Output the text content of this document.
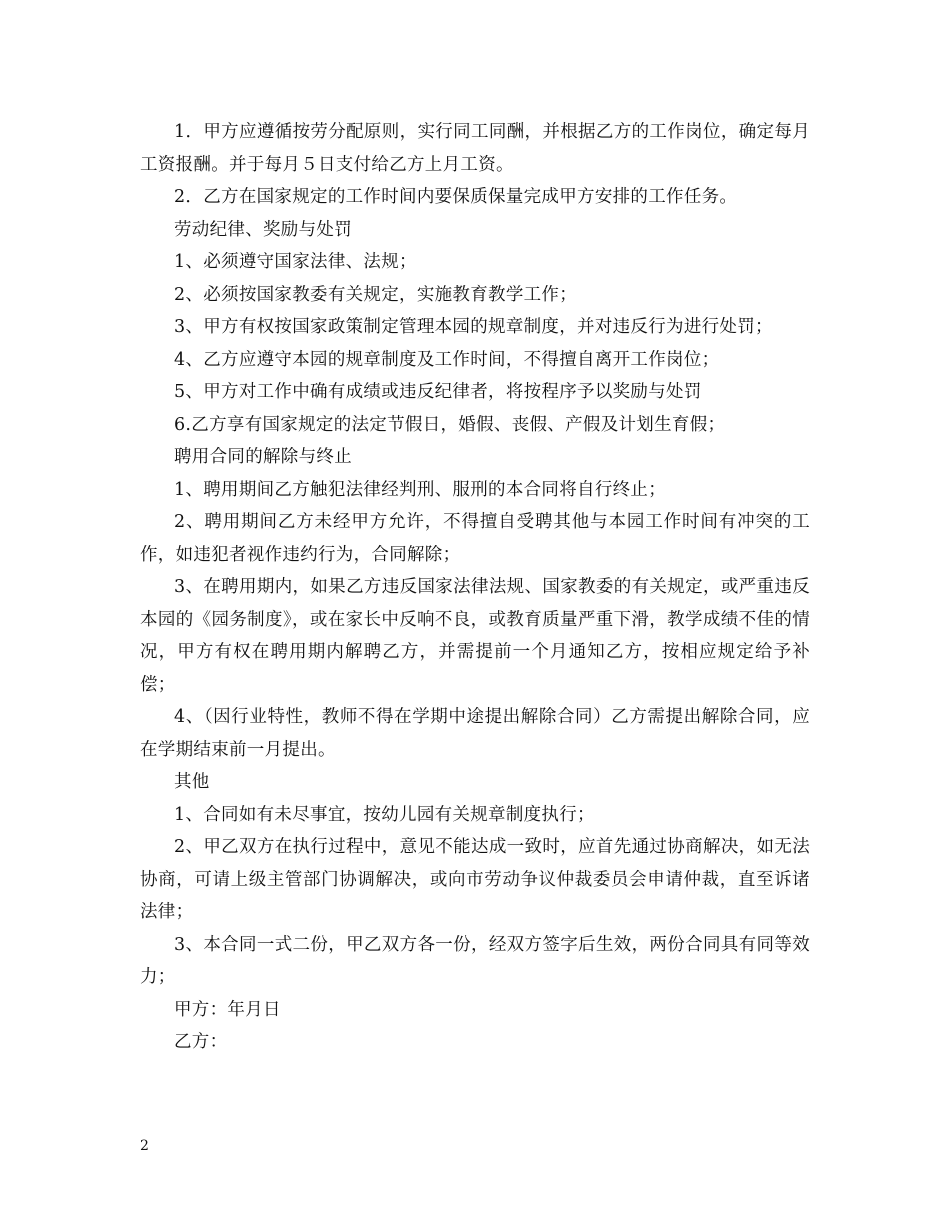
1．甲方应遵循按劳分配原则，实行同工同酬，并根据乙方的工作岗位，确定每月工资报酬。并于每月５日支付给乙方上月工资。

2．乙方在国家规定的工作时间内要保质保量完成甲方安排的工作任务。

劳动纪律、奖励与处罚

1、必须遵守国家法律、法规；

2、必须按国家教委有关规定，实施教育教学工作；

3、甲方有权按国家政策制定管理本园的规章制度，并对违反行为进行处罚；

4、乙方应遵守本园的规章制度及工作时间，不得擅自离开工作岗位；

5、甲方对工作中确有成绩或违反纪律者，将按程序予以奖励与处罚

6.乙方享有国家规定的法定节假日，婚假、丧假、产假及计划生育假；

聘用合同的解除与终止

1、聘用期间乙方触犯法律经判刑、服刑的本合同将自行终止；

2、聘用期间乙方未经甲方允许，不得擅自受聘其他与本园工作时间有冲突的工作，如违犯者视作违约行为，合同解除；

3、在聘用期内，如果乙方违反国家法律法规、国家教委的有关规定，或严重违反本园的《园务制度》，或在家长中反响不良，或教育质量严重下滑，教学成绩不佳的情况，甲方有权在聘用期内解聘乙方，并需提前一个月通知乙方，按相应规定给予补偿；

4、（因行业特性，教师不得在学期中途提出解除合同）乙方需提出解除合同，应在学期结束前一月提出。

其他

1、合同如有未尽事宜，按幼儿园有关规章制度执行；

2、甲乙双方在执行过程中，意见不能达成一致时，应首先通过协商解决，如无法协商，可请上级主管部门协调解决，或向市劳动争议仲裁委员会申请仲裁，直至诉诸法律；

3、本合同一式二份，甲乙双方各一份，经双方签字后生效，两份合同具有同等效力；

甲方：年月日

乙方：

2
